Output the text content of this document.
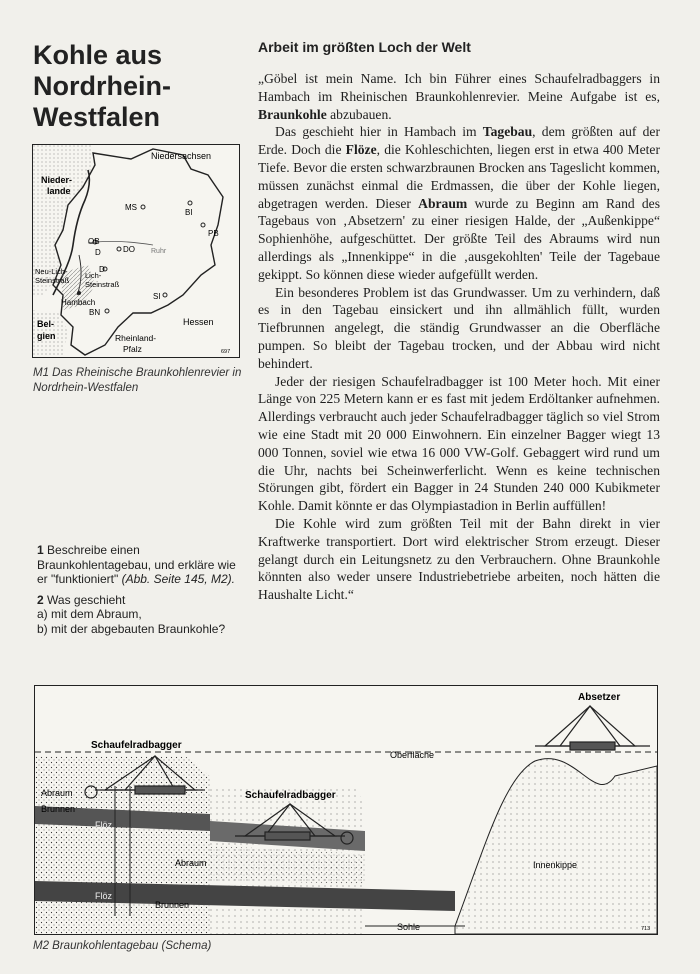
Kohle aus Nordrhein-Westfalen
Niedersachsen
Nieder-
lande
MS
BI
PB
OB
D	DO Ruhr
D
Neu-Lich-
Steinstraß
Lich-
Steinstraß
Hambach
BN
SI
Hessen
Bel-
gien	Rheinland-
Pfalz	697
M1 Das Rheinische Braunkohlenrevier in Nordrhein-Westfalen
1 Beschreibe einen Braunkohlentagebau, und erkläre wie er "funktioniert" (Abb. Seite 145, M2).
2 Was geschieht
a) mit dem Abraum,
b) mit der abgebauten Braunkohle?
Arbeit im größten Loch der Welt

„Göbel ist mein Name. Ich bin Führer eines Schaufelradbaggers in Hambach im Rheinischen Braunkohlenrevier. Meine Aufgabe ist es, Braunkohle abzubauen.

Das geschieht hier in Hambach im Tagebau, dem größten auf der Erde. Doch die Flöze, die Kohleschichten, liegen erst in etwa 400 Meter Tiefe. Bevor die ersten schwarzbraunen Brocken ans Tageslicht kommen, müssen zunächst einmal die Erdmassen, die über der Kohle liegen, abgetragen werden. Dieser Abraum wurde zu Beginn am Rand des Tagebaus von ‚Absetzern' zu einer riesigen Halde, der „Außenkippe“ Sophienhöhe, aufgeschüttet. Der größte Teil des Abraums wird nun allerdings als „Innenkippe“ in die ‚ausgekohlten' Teile der Tagebaue gekippt. So können diese wieder aufgefüllt werden.

Ein besonderes Problem ist das Grundwasser. Um zu verhindern, daß es in den Tagebau einsickert und ihn allmählich füllt, wurden Tiefbrunnen angelegt, die ständig Grundwasser an die Oberfläche pumpen. So bleibt der Tagebau trocken, und der Abbau wird nicht behindert.

Jeder der riesigen Schaufelradbagger ist 100 Meter hoch. Mit einer Länge von 225 Metern kann er es fast mit jedem Erdöltanker aufnehmen. Allerdings verbraucht auch jeder Schaufelradbagger täglich so viel Strom wie eine Stadt mit 20 000 Einwohnern. Ein einzelner Bagger wiegt 13 000 Tonnen, soviel wie etwa 16 000 VW-Golf. Gebaggert wird rund um die Uhr, nachts bei Scheinwerferlicht. Wenn es keine technischen Störungen gibt, fördert ein Bagger in 24 Stunden 240 000 Kubikmeter Kohle. Damit könnte er das Olympiastadion in Berlin auffüllen!

Die Kohle wird zum größten Teil mit der Bahn direkt in vier Kraftwerke transportiert. Dort wird elektrischer Strom erzeugt. Dieser gelangt durch ein Leitungsnetz zu den Verbrauchern. Ohne Braunkohle könnten also weder unsere Industriebetriebe arbeiten, noch hätten die Haushalte Licht.“

Schaufelradbagger
Schaufelradbagger
Absetzer
Oberfläche
Abraum
Brunnen
Flöz
Abraum
Flöz
Brunnen
Innenkippe
Sohle	713
M2 Braunkohlentagebau (Schema)
